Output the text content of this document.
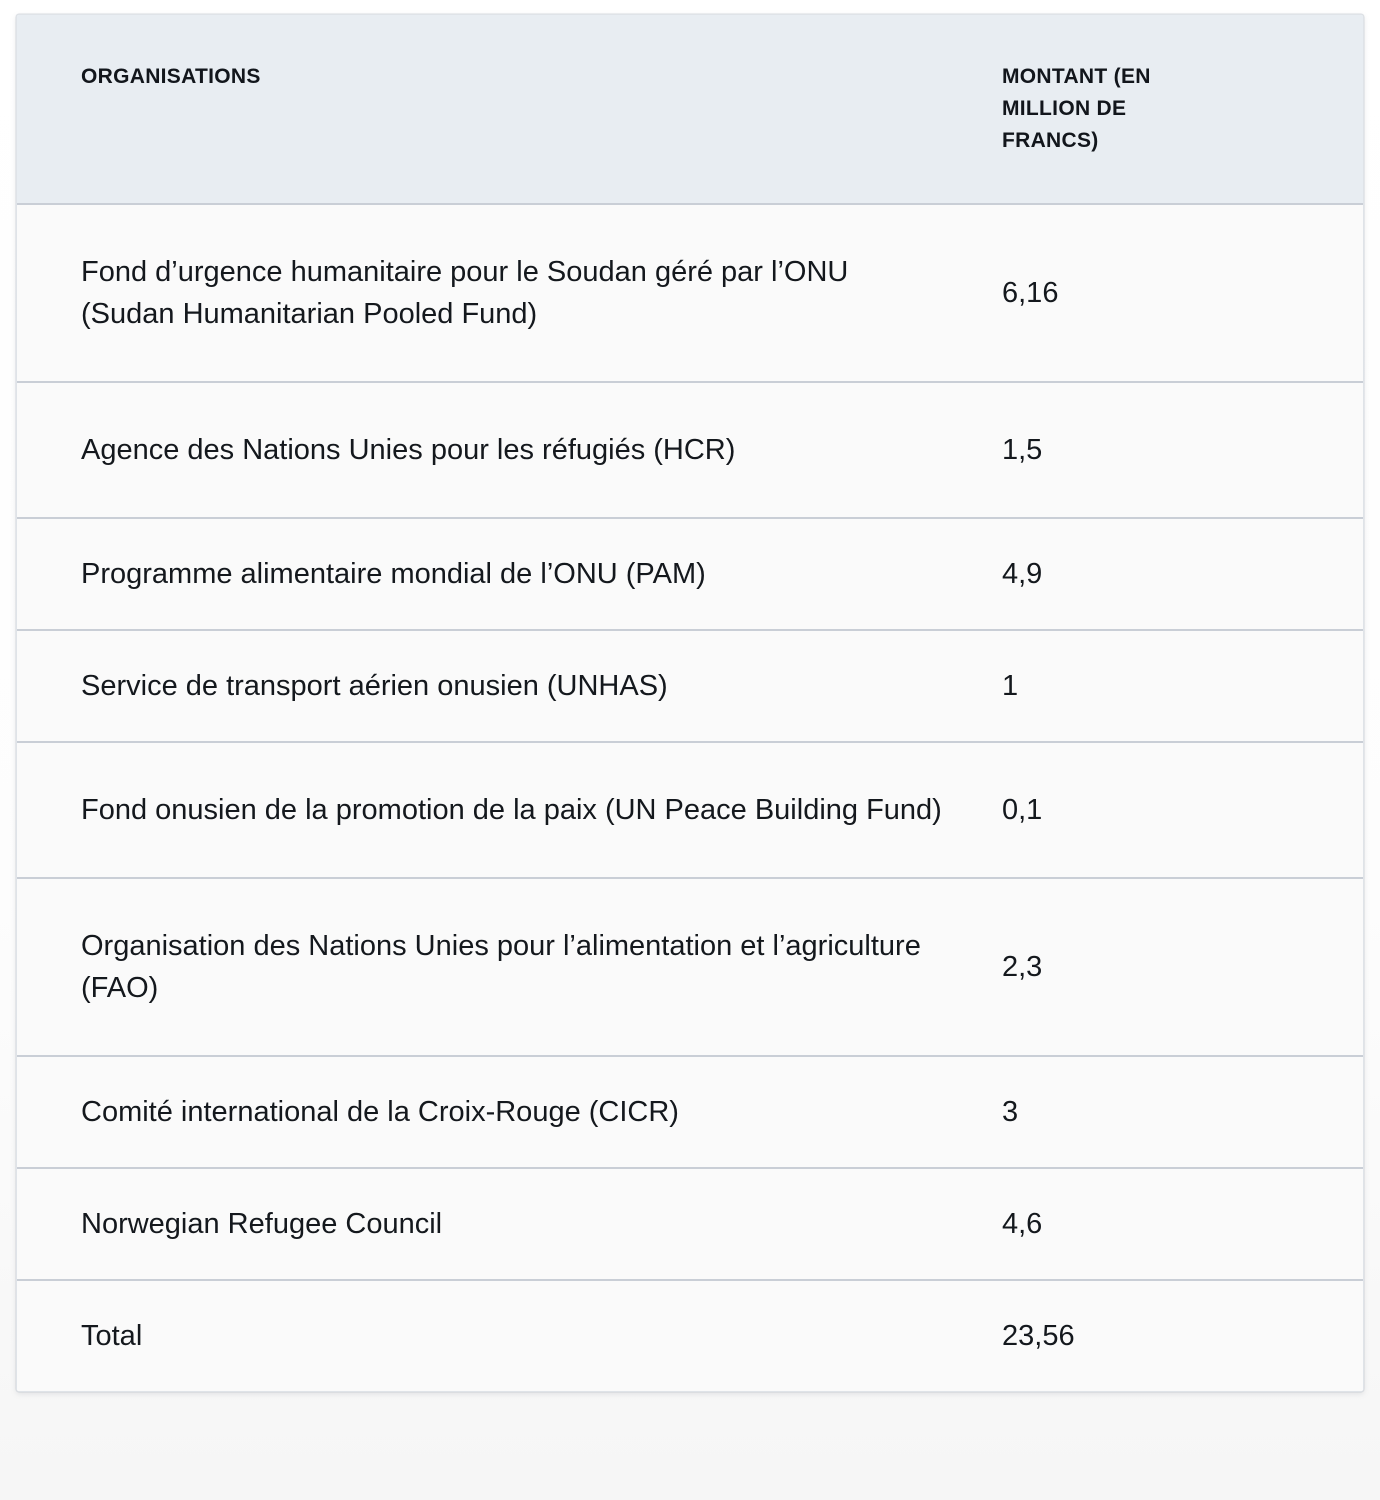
ORGANISATIONS	MONTANT (EN MILLION DE FRANCS)
Fond d’urgence humanitaire pour le Soudan géré par l’ONU (Sudan Humanitarian Pooled Fund)	6,16
Agence des Nations Unies pour les réfugiés (HCR)	1,5
Programme alimentaire mondial de l’ONU (PAM)	4,9
Service de transport aérien onusien (UNHAS)	1
Fond onusien de la promotion de la paix (UN Peace Building Fund)	0,1
Organisation des Nations Unies pour l’alimentation et l’agriculture (FAO)	2,3
Comité international de la Croix-Rouge (CICR)	3
Norwegian Refugee Council	4,6
Total	23,56
